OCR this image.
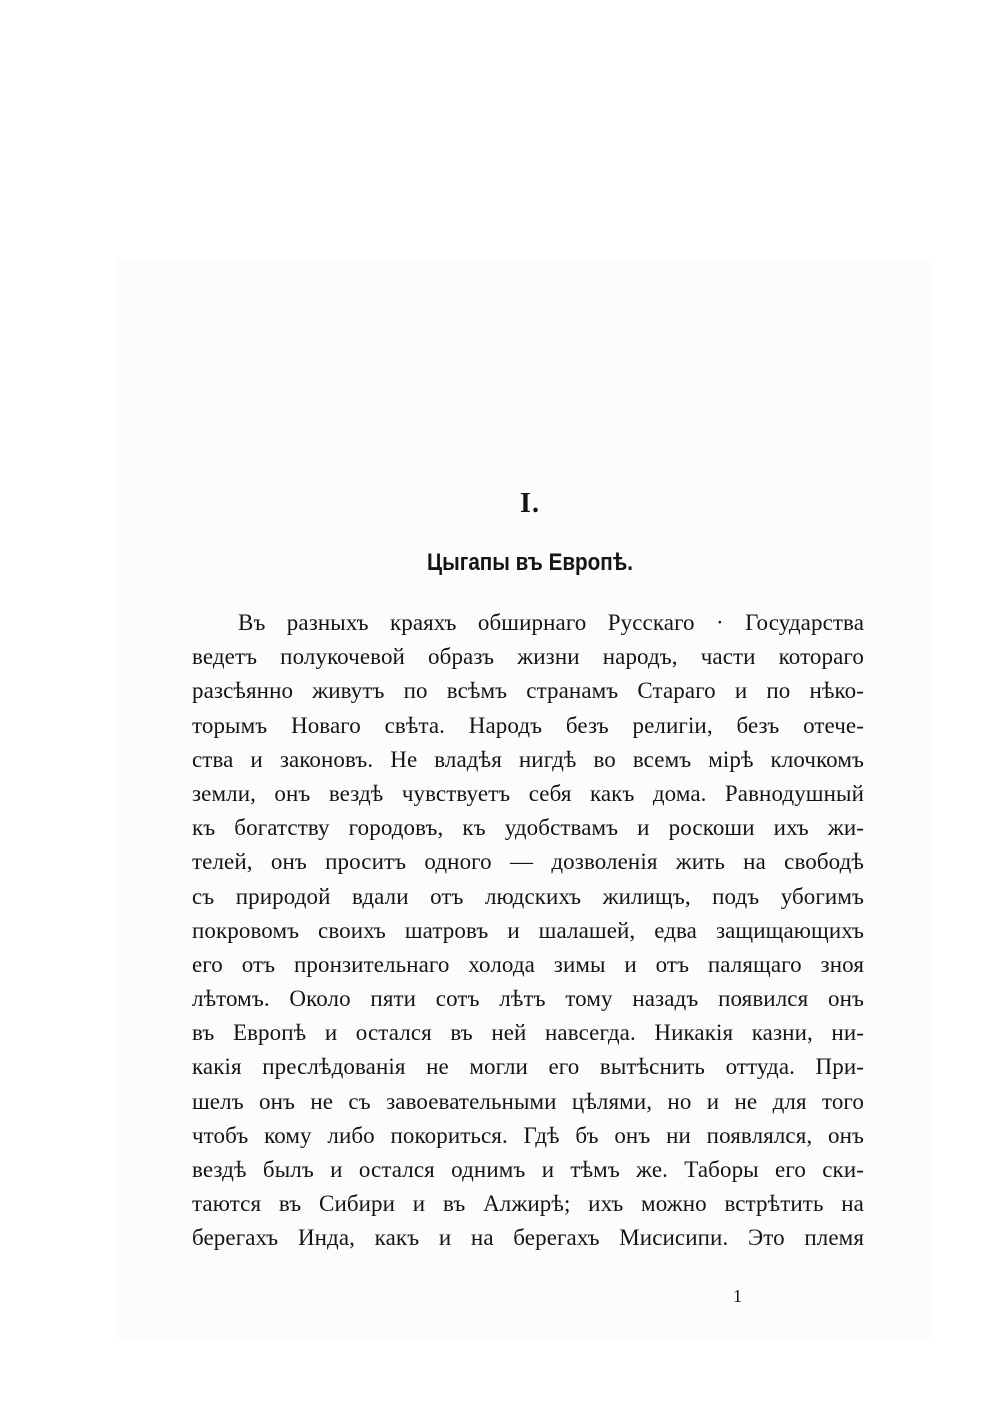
I.
Цыгапы въ Европѣ.
Въ разныхъ краяхъ обширнаго Русскаго · Государства
ведетъ полукочевой образъ жизни народъ, части котораго
разсѣянно живутъ по всѣмъ странамъ Стараго и по нѣко-
торымъ Новаго свѣта. Народъ безъ религіи, безъ отече-
ства и законовъ. Не владѣя нигдѣ во всемъ мірѣ клочкомъ
земли, онъ вездѣ чувствуетъ себя какъ дома. Равнодушный
къ богатству городовъ, къ удобствамъ и роскоши ихъ жи-
телей, онъ проситъ одного — дозволенія жить на свободѣ
съ природой вдали отъ людскихъ жилищъ, подъ убогимъ
покровомъ своихъ шатровъ и шалашей, едва защищающихъ
его отъ пронзительнаго холода зимы и отъ палящаго зноя
лѣтомъ. Около пяти сотъ лѣтъ тому назадъ появился онъ
въ Европѣ и остался въ ней навсегда. Никакія казни, ни-
какія преслѣдованія не могли его вытѣснить оттуда. При-
шелъ онъ не съ завоевательными цѣлями, но и не для того
чтобъ кому либо покориться. Гдѣ бъ онъ ни появлялся, онъ
вездѣ былъ и остался однимъ и тѣмъ же. Таборы его ски-
таются въ Сибири и въ Алжирѣ; ихъ можно встрѣтить на
берегахъ Инда, какъ и на берегахъ Мисисипи. Это племя
1
